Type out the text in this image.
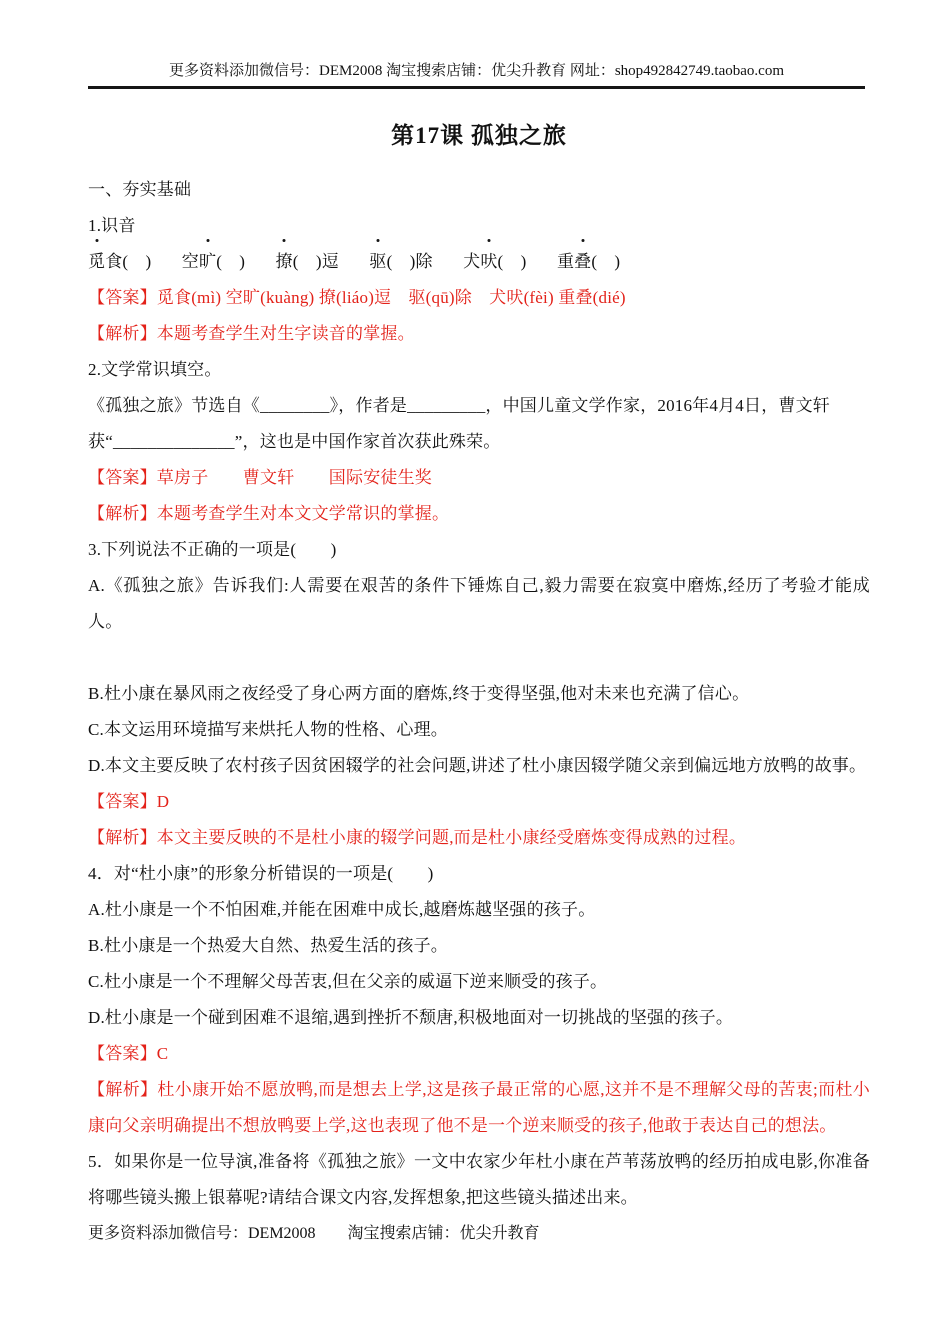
更多资料添加微信号：DEM2008 淘宝搜索店铺：优尖升教育 网址：shop492842749.taobao.com
第17课 孤独之旅

一、夯实基础

1.识音

觅食(　) 空旷(　) 撩(　)逗 驱(　)除 犬吠(　) 重叠(　)

【答案】觅食(mì) 空旷(kuàng) 撩(liáo)逗　驱(qū)除　犬吠(fèi) 重叠(dié)

【解析】本题考查学生对生字读音的掌握。

2.文学常识填空。

《孤独之旅》节选自《________》，作者是_________，中国儿童文学作家，2016年4月4日，曹文轩

获“______________”，这也是中国作家首次获此殊荣。

【答案】草房子　　曹文轩　　国际安徒生奖

【解析】本题考查学生对本文文学常识的掌握。

3.下列说法不正确的一项是(　　)

A.《孤独之旅》告诉我们:人需要在艰苦的条件下锤炼自己,毅力需要在寂寞中磨炼,经历了考验才能成人。

B.杜小康在暴风雨之夜经受了身心两方面的磨炼,终于变得坚强,他对未来也充满了信心。

C.本文运用环境描写来烘托人物的性格、心理。

D.本文主要反映了农村孩子因贫困辍学的社会问题,讲述了杜小康因辍学随父亲到偏远地方放鸭的故事。

【答案】D

【解析】本文主要反映的不是杜小康的辍学问题,而是杜小康经受磨炼变得成熟的过程。

4．对“杜小康”的形象分析错误的一项是(　　)

A.杜小康是一个不怕困难,并能在困难中成长,越磨炼越坚强的孩子。

B.杜小康是一个热爱大自然、热爱生活的孩子。

C.杜小康是一个不理解父母苦衷,但在父亲的威逼下逆来顺受的孩子。

D.杜小康是一个碰到困难不退缩,遇到挫折不颓唐,积极地面对一切挑战的坚强的孩子。

【答案】C

【解析】杜小康开始不愿放鸭,而是想去上学,这是孩子最正常的心愿,这并不是不理解父母的苦衷;而杜小康向父亲明确提出不想放鸭要上学,这也表现了他不是一个逆来顺受的孩子,他敢于表达自己的想法。

5．如果你是一位导演,准备将《孤独之旅》一文中农家少年杜小康在芦苇荡放鸭的经历拍成电影,你准备将哪些镜头搬上银幕呢?请结合课文内容,发挥想象,把这些镜头描述出来。

更多资料添加微信号：DEM2008　　淘宝搜索店铺：优尖升教育
